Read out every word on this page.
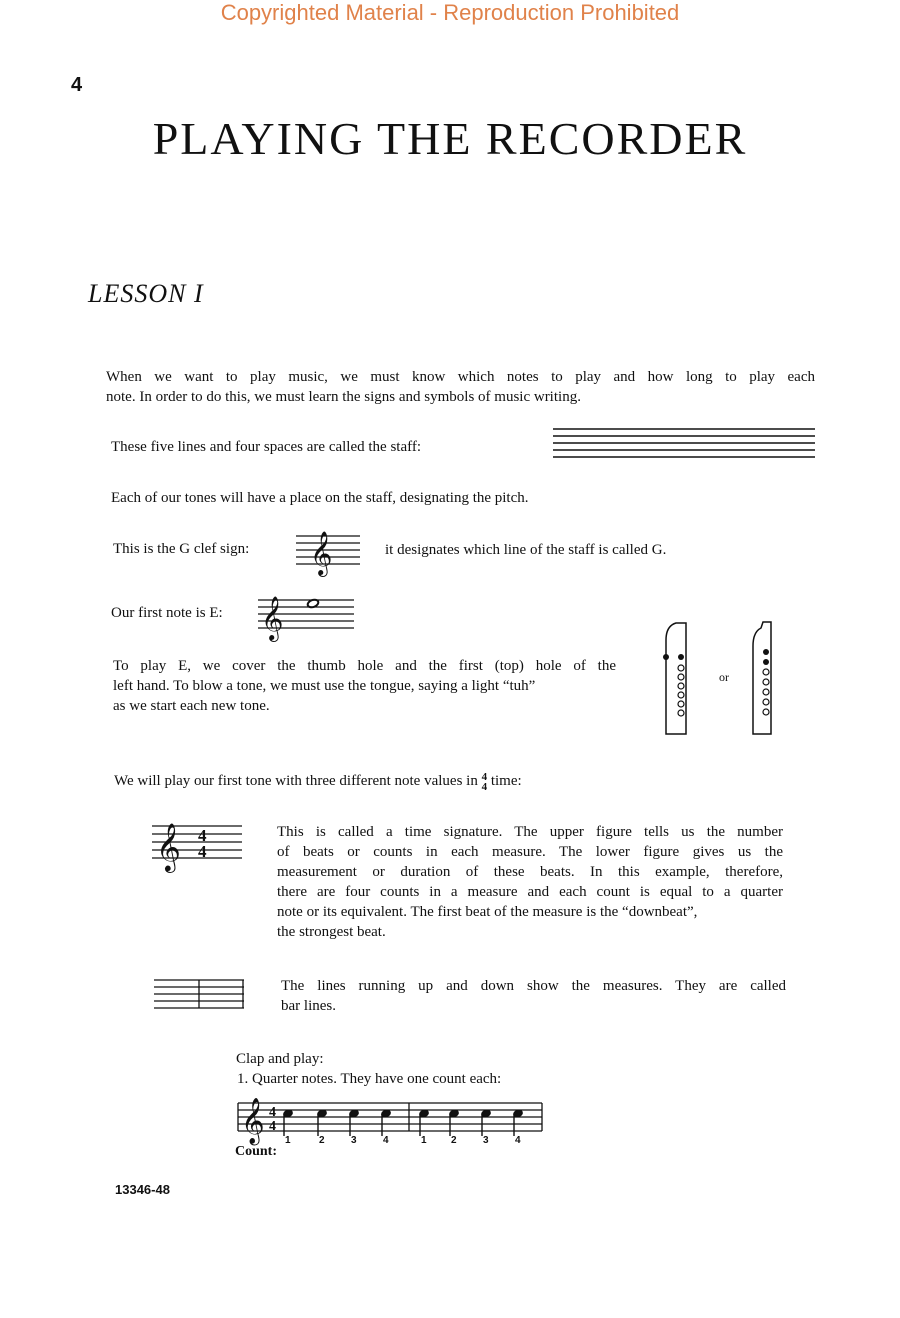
Copyrighted Material - Reproduction Prohibited
4
PLAYING THE RECORDER
LESSON I
When we want to play music, we must know which notes to play and how long to play each
note. In order to do this, we must learn the signs and symbols of music writing.
These five lines and four spaces are called the staff:
Each of our tones will have a place on the staff, designating the pitch.
This is the G clef sign: 𝄞	it designates which line of the staff is called G.
Our first note is E: 𝄞
To play E, we cover the thumb hole and the first (top) hole of the
left hand. To blow a tone, we must use the tongue, saying a light “tuh”
as we start each new tone.
or
We will play our first tone with three different note values in 4
4 time:
𝄞 4
4
This is called a time signature. The upper figure tells us the number
of beats or counts in each measure. The lower figure gives us the
measurement or duration of these beats. In this example, therefore,
there are four counts in a measure and each count is equal to a quarter
note or its equivalent. The first beat of the measure is the “downbeat”,
the strongest beat.
The lines running up and down show the measures. They are called
bar lines.
Clap and play:
1. Quarter notes. They have one count each:
𝄞 4
4
Count:
1	2	3	4	1 2	3	4
13346-48
